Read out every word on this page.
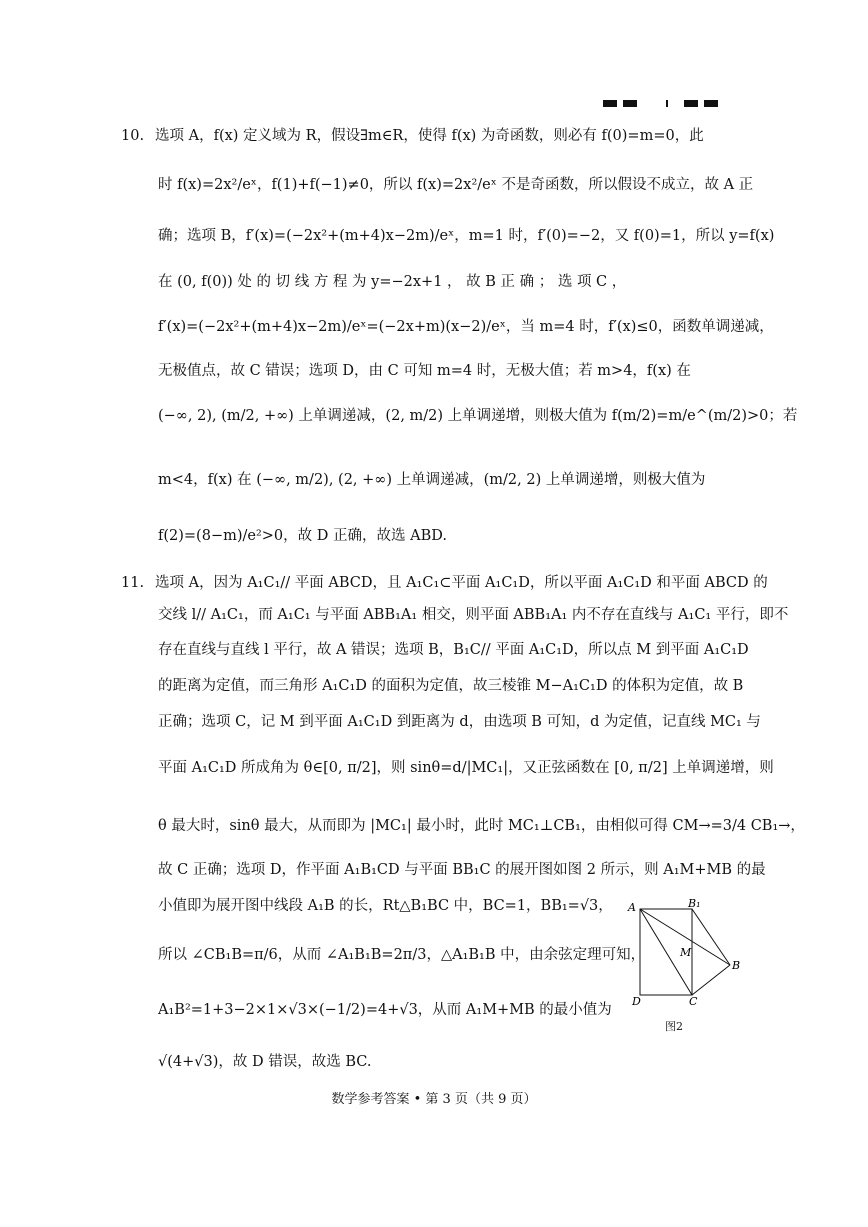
10. 选项 A，f(x) 定义域为 R，假设∃m∈R，使得 f(x) 为奇函数，则必有 f(0)=m=0，此
时 f(x)=2x²/eˣ，f(1)+f(−1)≠0，所以 f(x)=2x²/eˣ 不是奇函数，所以假设不成立，故 A 正
确；选项 B，f′(x)=(−2x²+(m+4)x−2m)/eˣ，m=1 时，f′(0)=−2，又 f(0)=1，所以 y=f(x)
在 (0, f(0)) 处 的 切 线 方 程 为 y=−2x+1 ， 故 B 正 确 ； 选 项 C ，
f′(x)=(−2x²+(m+4)x−2m)/eˣ=(−2x+m)(x−2)/eˣ，当 m=4 时，f′(x)≤0，函数单调递减，
无极值点，故 C 错误；选项 D，由 C 可知 m=4 时，无极大值；若 m>4，f(x) 在
(−∞, 2), (m/2, +∞) 上单调递减，(2, m/2) 上单调递增，则极大值为 f(m/2)=m/e^(m/2)>0；若
m<4，f(x) 在 (−∞, m/2), (2, +∞) 上单调递减，(m/2, 2) 上单调递增，则极大值为
f(2)=(8−m)/e²>0，故 D 正确，故选 ABD.
11. 选项 A，因为 A₁C₁// 平面 ABCD，且 A₁C₁⊂平面 A₁C₁D，所以平面 A₁C₁D 和平面 ABCD 的
交线 l// A₁C₁，而 A₁C₁ 与平面 ABB₁A₁ 相交，则平面 ABB₁A₁ 内不存在直线与 A₁C₁ 平行，即不
存在直线与直线 l 平行，故 A 错误；选项 B，B₁C// 平面 A₁C₁D，所以点 M 到平面 A₁C₁D
的距离为定值，而三角形 A₁C₁D 的面积为定值，故三棱锥 M−A₁C₁D 的体积为定值，故 B
正确；选项 C，记 M 到平面 A₁C₁D 到距离为 d，由选项 B 可知，d 为定值，记直线 MC₁ 与
平面 A₁C₁D 所成角为 θ∈[0, π/2]，则 sinθ=d/|MC₁|，又正弦函数在 [0, π/2] 上单调递增，则
θ 最大时，sinθ 最大，从而即为 |MC₁| 最小时，此时 MC₁⊥CB₁，由相似可得 CM→=3/4 CB₁→，
故 C 正确；选项 D，作平面 A₁B₁CD 与平面 BB₁C 的展开图如图 2 所示，则 A₁M+MB 的最
小值即为展开图中线段 A₁B 的长，Rt△B₁BC 中，BC=1，BB₁=√3，
所以 ∠CB₁B=π/6，从而 ∠A₁B₁B=2π/3，△A₁B₁B 中，由余弦定理可知，
A₁B²=1+3−2×1×√3×(−1/2)=4+√3，从而 A₁M+MB 的最小值为
√(4+√3)，故 D 错误，故选 BC.
A	B₁
M
B
D	C
图2
数学参考答案 • 第 3 页（共 9 页）
